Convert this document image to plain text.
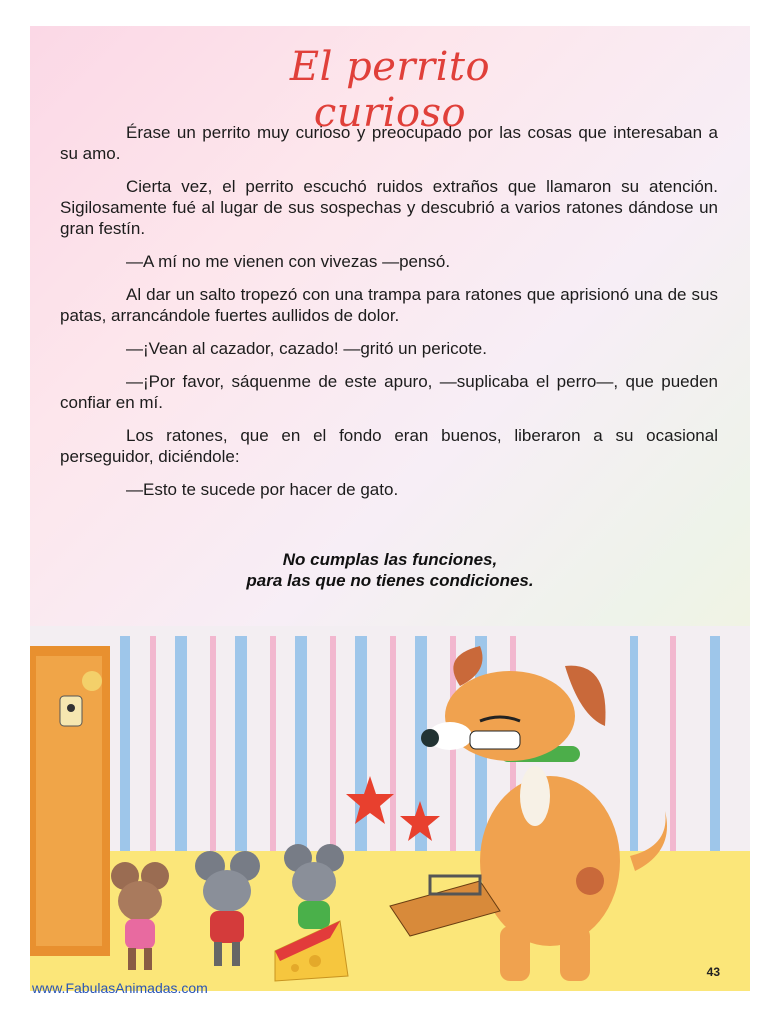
El perrito curioso

Érase un perrito muy curioso y preocupado por las cosas que interesaban a su amo.

Cierta vez, el perrito escuchó ruidos extraños que llamaron su atención. Sigilosamente fué al lugar de sus sospechas y descubrió a varios ratones dándose un gran festín.

—A mí no me vienen con vivezas —pensó.

Al dar un salto tropezó con una trampa para ratones que aprisionó una de sus patas, arrancándole fuertes aullidos de dolor.

—¡Vean al cazador, cazado! —gritó un pericote.

—¡Por favor, sáquenme de este apuro, —suplicaba el perro—, que pueden confiar en mí.

Los ratones, que en el fondo eran buenos, liberaron a su ocasional perseguidor, diciéndole:

—Esto te sucede por hacer de gato.

No cumplas las funciones,
para las que no tienes condiciones.
43
www.FabulasAnimadas.com
